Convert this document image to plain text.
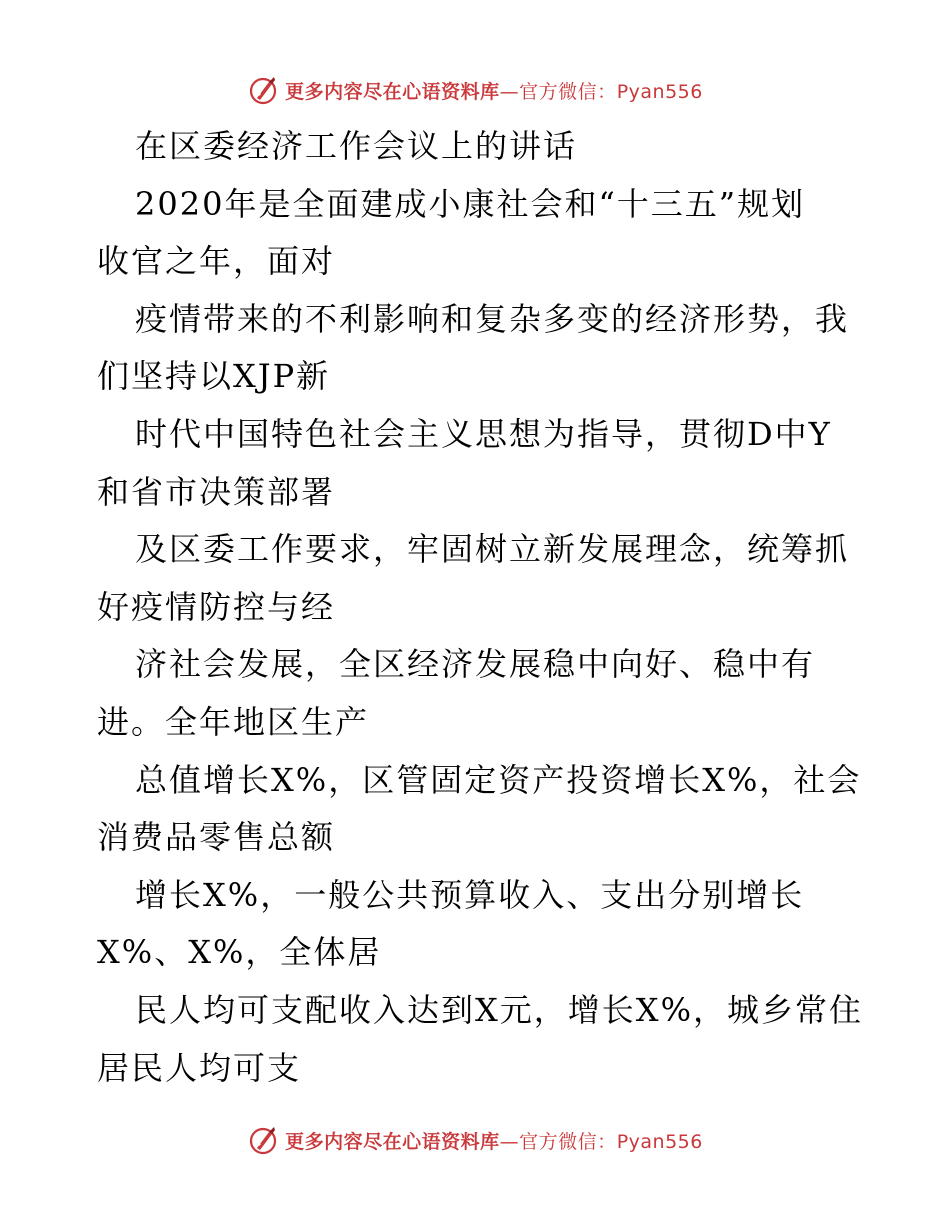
更多内容尽在心语资料库—官方微信：Pyan556
在区委经济工作会议上的讲话
2020年是全面建成小康社会和“十三五”规划
收官之年，面对
疫情带来的不利影响和复杂多变的经济形势，我
们坚持以XJP新
时代中国特色社会主义思想为指导，贯彻D中Y
和省市决策部署
及区委工作要求，牢固树立新发展理念，统筹抓
好疫情防控与经
济社会发展，全区经济发展稳中向好、稳中有
进。全年地区生产
总值增长X%，区管固定资产投资增长X%，社会
消费品零售总额
增长X%，一般公共预算收入、支出分别增长
X%、X%，全体居
民人均可支配收入达到X元，增长X%，城乡常住
居民人均可支
更多内容尽在心语资料库—官方微信：Pyan556
